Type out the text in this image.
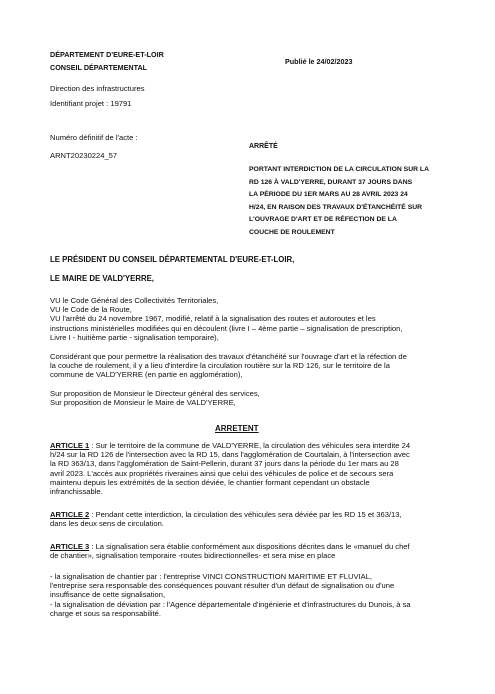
DÉPARTEMENT D'EURE-ET-LOIR
CONSEIL DÉPARTEMENTAL
Publié le 24/02/2023
Direction des infrastructures
Identifiant projet : 19791
Numéro définitif de l'acte :
ARNT20230224_57
ARRÊTÉ
PORTANT INTERDICTION DE LA CIRCULATION SUR LA
RD 126 À VALD'YERRE, DURANT 37 JOURS DANS
LA PÉRIODE DU 1ER MARS AU 28 AVRIL 2023 24
H/24, EN RAISON DES TRAVAUX D'ÉTANCHÉITÉ SUR
L'OUVRAGE D'ART ET DE RÉFECTION DE LA
COUCHE DE ROULEMENT
LE PRÉSIDENT DU CONSEIL DÉPARTEMENTAL D'EURE-ET-LOIR,
LE MAIRE DE VALD'YERRE,
VU le Code Général des Collectivités Territoriales,
VU le Code de la Route,
VU l'arrêté du 24 novembre 1967, modifié, relatif à la signalisation des routes et autoroutes et les
instructions ministérielles modifiées qui en découlent (livre I – 4ème partie – signalisation de prescription,
Livre I - huitième partie - signalisation temporaire),
Considérant que pour permettre la réalisation des travaux d'étanchéité sur l'ouvrage d'art et la réfection de
la couche de roulement, il y a lieu d'interdire la circulation routière sur la RD 126, sur le territoire de la
commune de VALD'YERRE (en partie en agglomération),
Sur proposition de Monsieur le Directeur général des services,
Sur proposition de Monsieur le Maire de VALD'YERRE,
ARRETENT
ARTICLE 1 : Sur le territoire de la commune de VALD'YERRE, la circulation des véhicules sera interdite 24
h/24 sur la RD 126 de l'intersection avec la RD 15, dans l'agglomération de Courtalain, à l'intersection avec
la RD 363/13, dans l'agglomération de Saint-Pellerin, durant 37 jours dans la période du 1er mars au 28
avril 2023. L'accès aux propriétés riveraines ainsi que celui des véhicules de police et de secours sera
maintenu depuis les extrémités de la section déviée, le chantier formant cependant un obstacle
infranchissable.
ARTICLE 2 : Pendant cette interdiction, la circulation des véhicules sera déviée par les RD 15 et 363/13,
dans les deux sens de circulation.
ARTICLE 3 : La signalisation sera établie conformément aux dispositions décrites dans le «manuel du chef
de chantier», signalisation temporaire -routes bidirectionnelles- et sera mise en place
- la signalisation de chantier par : l'entreprise VINCI CONSTRUCTION MARITIME ET FLUVIAL,
l'entreprise sera responsable des conséquences pouvant résulter d'un défaut de signalisation ou d'une
insuffisance de cette signalisation,
- la signalisation de déviation par : l'Agence départementale d'ingénierie et d'infrastructures du Dunois, à sa
charge et sous sa responsabilité.
